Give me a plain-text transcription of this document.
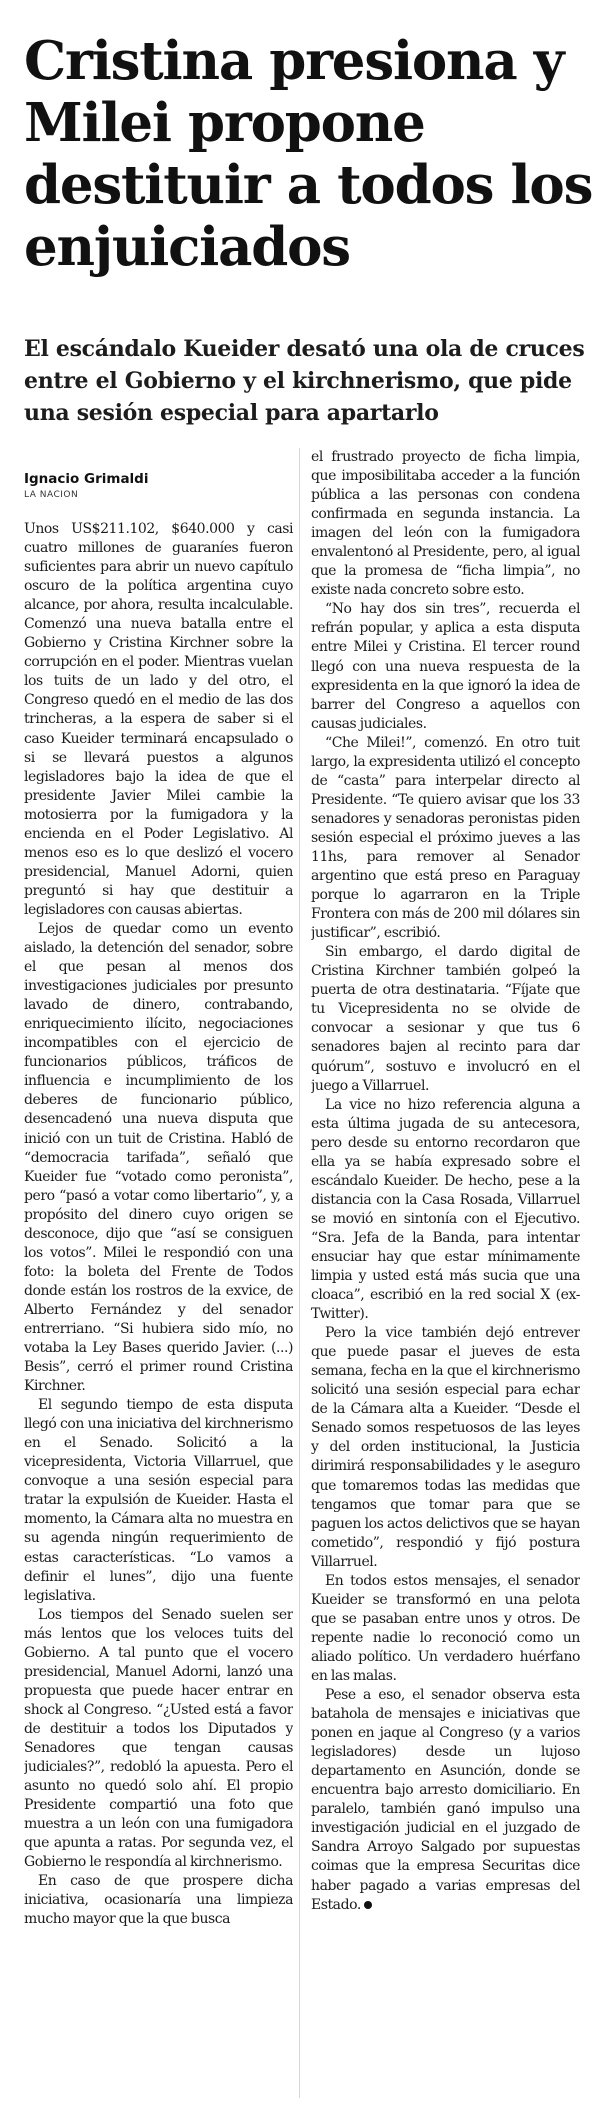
Cristina presiona y Milei propone destituir a todos los enjuiciados
El escándalo Kueider desató una ola de cruces entre el Gobierno y el kirchnerismo, que pide una sesión especial para apartarlo
Ignacio Grimaldi
LA NACION

Unos US$211.102, $640.000 y casi cuatro millones de guaraníes fueron suficientes para abrir un nuevo capítulo oscuro de la política argentina cuyo alcance, por ahora, resulta incalculable. Comenzó una nueva batalla entre el Gobierno y Cristina Kirchner sobre la corrupción en el poder. Mientras vuelan los tuits de un lado y del otro, el Congreso quedó en el medio de las dos trincheras, a la espera de saber si el caso Kueider terminará encapsulado o si se llevará puestos a algunos legisladores bajo la idea de que el presidente Javier Milei cambie la motosierra por la fumigadora y la encienda en el Poder Legislativo. Al menos eso es lo que deslizó el vocero presidencial, Manuel Adorni, quien preguntó si hay que destituir a legisladores con causas abiertas.

Lejos de quedar como un evento aislado, la detención del senador, sobre el que pesan al menos dos investigaciones judiciales por presunto lavado de dinero, contrabando, enriquecimiento ilícito, negociaciones incompatibles con el ejercicio de funcionarios públicos, tráficos de influencia e incumplimiento de los deberes de funcionario público, desencadenó una nueva disputa que inició con un tuit de Cristina. Habló de “democracia tarifada”, señaló que Kueider fue “votado como peronista”, pero “pasó a votar como libertario”, y, a propósito del dinero cuyo origen se desconoce, dijo que “así se consiguen los votos”. Milei le respondió con una foto: la boleta del Frente de Todos donde están los rostros de la exvice, de Alberto Fernández y del senador entrerriano. “Si hubiera sido mío, no votaba la Ley Bases querido Javier. (...) Besis”, cerró el primer round Cristina Kirchner.

El segundo tiempo de esta disputa llegó con una iniciativa del kirchnerismo en el Senado. Solicitó a la vicepresidenta, Victoria Villarruel, que convoque a una sesión especial para tratar la expulsión de Kueider. Hasta el momento, la Cámara alta no muestra en su agenda ningún requerimiento de estas características. “Lo vamos a definir el lunes”, dijo una fuente legislativa.

Los tiempos del Senado suelen ser más lentos que los veloces tuits del Gobierno. A tal punto que el vocero presidencial, Manuel Adorni, lanzó una propuesta que puede hacer entrar en shock al Congreso. “¿Usted está a favor de destituir a todos los Diputados y Senadores que tengan causas judiciales?”, redobló la apuesta. Pero el asunto no quedó solo ahí. El propio Presidente compartió una foto que muestra a un león con una fumigadora que apunta a ratas. Por segunda vez, el Gobierno le respondía al kirchnerismo.

En caso de que prospere dicha iniciativa, ocasionaría una limpieza mucho mayor que la que busca

el frustrado proyecto de ficha limpia, que imposibilitaba acceder a la función pública a las personas con condena confirmada en segunda instancia. La imagen del león con la fumigadora envalentonó al Presidente, pero, al igual que la promesa de “ficha limpia”, no existe nada concreto sobre esto.

“No hay dos sin tres”, recuerda el refrán popular, y aplica a esta disputa entre Milei y Cristina. El tercer round llegó con una nueva respuesta de la expresidenta en la que ignoró la idea de barrer del Congreso a aquellos con causas judiciales.

“Che Milei!”, comenzó. En otro tuit largo, la expresidenta utilizó el concepto de “casta” para interpelar directo al Presidente. “Te quiero avisar que los 33 senadores y senadoras peronistas piden sesión especial el próximo jueves a las 11hs, para remover al Senador argentino que está preso en Paraguay porque lo agarraron en la Triple Frontera con más de 200 mil dólares sin justificar”, escribió.

Sin embargo, el dardo digital de Cristina Kirchner también golpeó la puerta de otra destinataria. “Fíjate que tu Vicepresidenta no se olvide de convocar a sesionar y que tus 6 senadores bajen al recinto para dar quórum”, sostuvo e involucró en el juego a Villarruel.

La vice no hizo referencia alguna a esta última jugada de su antecesora, pero desde su entorno recordaron que ella ya se había expresado sobre el escándalo Kueider. De hecho, pese a la distancia con la Casa Rosada, Villarruel se movió en sintonía con el Ejecutivo. “Sra. Jefa de la Banda, para intentar ensuciar hay que estar mínimamente limpia y usted está más sucia que una cloaca”, escribió en la red social X (ex-Twitter).

Pero la vice también dejó entrever que puede pasar el jueves de esta semana, fecha en la que el kirchnerismo solicitó una sesión especial para echar de la Cámara alta a Kueider. “Desde el Senado somos respetuosos de las leyes y del orden institucional, la Justicia dirimirá responsabilidades y le aseguro que tomaremos todas las medidas que tengamos que tomar para que se paguen los actos delictivos que se hayan cometido”, respondió y fijó postura Villarruel.

En todos estos mensajes, el senador Kueider se transformó en una pelota que se pasaban entre unos y otros. De repente nadie lo reconoció como un aliado político. Un verdadero huérfano en las malas.

Pese a eso, el senador observa esta batahola de mensajes e iniciativas que ponen en jaque al Congreso (y a varios legisladores) desde un lujoso departamento en Asunción, donde se encuentra bajo arresto domiciliario. En paralelo, también ganó impulso una investigación judicial en el juzgado de Sandra Arroyo Salgado por supuestas coimas que la empresa Securitas dice haber pagado a varias empresas del Estado.
